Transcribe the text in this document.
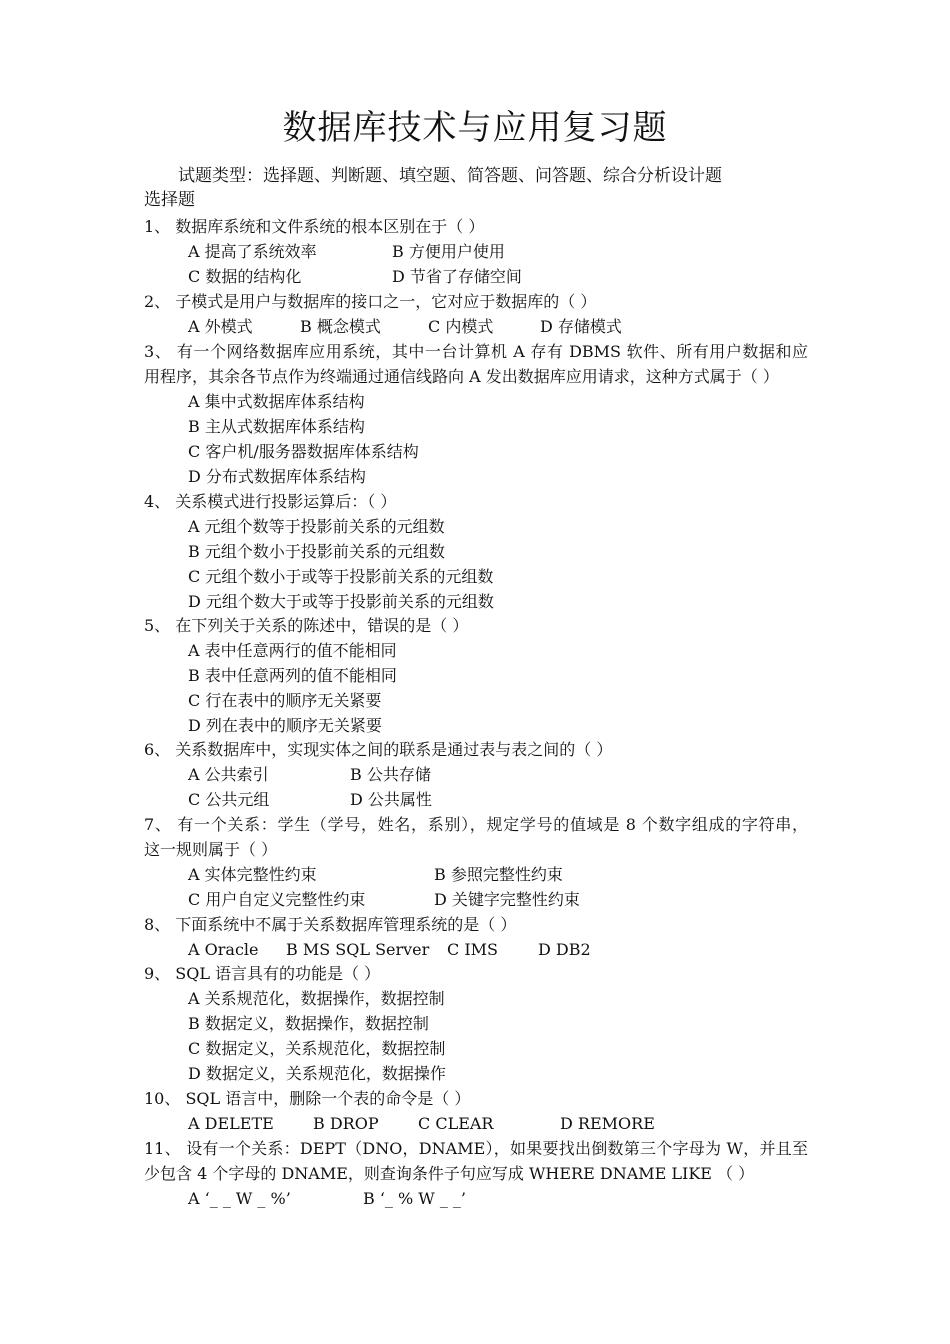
数据库技术与应用复习题
试题类型：选择题、判断题、填空题、简答题、问答题、综合分析设计题
选择题
1、 数据库系统和文件系统的根本区别在于（ ）
A 提高了系统效率	B 方便用户使用
C 数据的结构化	D 节省了存储空间
2、 子模式是用户与数据库的接口之一，它对应于数据库的（ ）
A 外模式	B 概念模式	C 内模式	D 存储模式
3、 有一个网络数据库应用系统，其中一台计算机 A 存有 DBMS 软件、所有用户数据和应
用程序，其余各节点作为终端通过通信线路向 A 发出数据库应用请求，这种方式属于（ ）
A 集中式数据库体系结构
B 主从式数据库体系结构
C 客户机/服务器数据库体系结构
D 分布式数据库体系结构
4、 关系模式进行投影运算后：（ ）
A 元组个数等于投影前关系的元组数
B 元组个数小于投影前关系的元组数
C 元组个数小于或等于投影前关系的元组数
D 元组个数大于或等于投影前关系的元组数
5、 在下列关于关系的陈述中，错误的是（ ）
A 表中任意两行的值不能相同
B 表中任意两列的值不能相同
C 行在表中的顺序无关紧要
D 列在表中的顺序无关紧要
6、 关系数据库中，实现实体之间的联系是通过表与表之间的（ ）
A 公共索引	B 公共存储
C 公共元组	D 公共属性
7、 有一个关系：学生（学号，姓名，系别），规定学号的值域是 8 个数字组成的字符串，
这一规则属于（ ）
A 实体完整性约束	B 参照完整性约束
C 用户自定义完整性约束	D 关键字完整性约束
8、 下面系统中不属于关系数据库管理系统的是（ ）
A Oracle B MS SQL Server C IMS	D DB2
9、 SQL 语言具有的功能是（ ）
A 关系规范化，数据操作，数据控制
B 数据定义，数据操作，数据控制
C 数据定义，关系规范化，数据控制
D 数据定义，关系规范化，数据操作
10、 SQL 语言中，删除一个表的命令是（ ）
A DELETE B DROP C CLEAR	D REMORE
11、 设有一个关系：DEPT（DNO，DNAME），如果要找出倒数第三个字母为 W，并且至
少包含 4 个字母的 DNAME，则查询条件子句应写成 WHERE DNAME LIKE （ ）
A ‘_ _ W _ %’	B ‘_ % W _ _’
